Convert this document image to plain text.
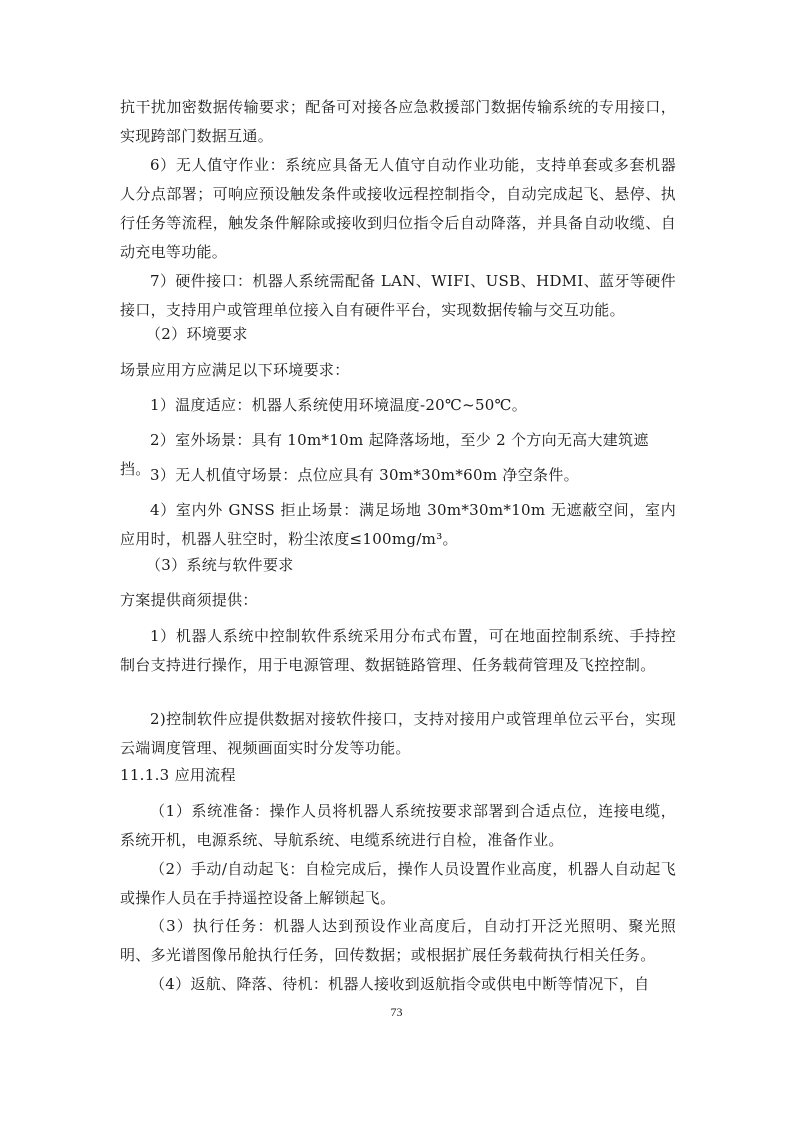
抗干扰加密数据传输要求；配备可对接各应急救援部门数据传输系统的专用接口，实现跨部门数据互通。

6）无人值守作业：系统应具备无人值守自动作业功能，支持单套或多套机器人分点部署；可响应预设触发条件或接收远程控制指令，自动完成起飞、悬停、执行任务等流程，触发条件解除或接收到归位指令后自动降落，并具备自动收缆、自动充电等功能。

7）硬件接口：机器人系统需配备 LAN、WIFI、USB、HDMI、蓝牙等硬件接口，支持用户或管理单位接入自有硬件平台，实现数据传输与交互功能。

（2）环境要求

场景应用方应满足以下环境要求：

1）温度适应：机器人系统使用环境温度-20℃~50℃。

2）室外场景：具有 10m*10m 起降落场地，至少 2 个方向无高大建筑遮挡。 3）无人机值守场景：点位应具有 30m*30m*60m 净空条件。

4）室内外 GNSS 拒止场景：满足场地 30m*30m*10m 无遮蔽空间，室内应用时，机器人驻空时，粉尘浓度≤100mg/m³。

（3）系统与软件要求

方案提供商须提供：

1）机器人系统中控制软件系统采用分布式布置，可在地面控制系统、手持控制台支持进行操作，用于电源管理、数据链路管理、任务载荷管理及飞控控制。

2)控制软件应提供数据对接软件接口，支持对接用户或管理单位云平台，实现云端调度管理、视频画面实时分发等功能。

11.1.3 应用流程

（1）系统准备：操作人员将机器人系统按要求部署到合适点位，连接电缆，系统开机，电源系统、导航系统、电缆系统进行自检，准备作业。

（2）手动/自动起飞：自检完成后，操作人员设置作业高度，机器人自动起飞或操作人员在手持遥控设备上解锁起飞。

（3）执行任务：机器人达到预设作业高度后，自动打开泛光照明、聚光照明、多光谱图像吊舱执行任务，回传数据；或根据扩展任务载荷执行相关任务。

（4）返航、降落、待机：机器人接收到返航指令或供电中断等情况下，自

73
